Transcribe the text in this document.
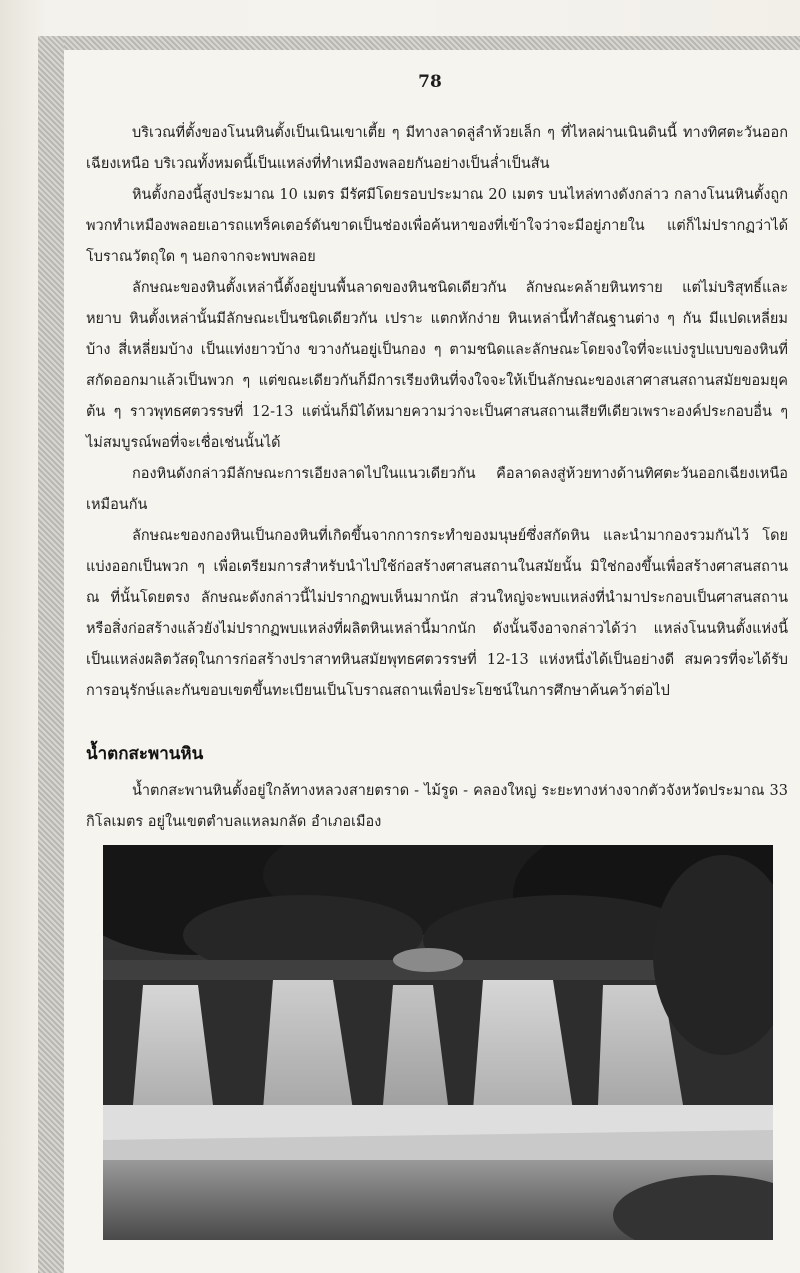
78

บริเวณที่ตั้งของโนนหินตั้งเป็นเนินเขาเตี้ย ๆ มีทางลาดลู่ลำห้วยเล็ก ๆ ที่ไหลผ่านเนินดินนี้ ทางทิศตะวันออกเฉียงเหนือ บริเวณทั้งหมดนี้เป็นแหล่งที่ทำเหมืองพลอยกันอย่างเป็นล่ำเป็นสัน

หินตั้งกองนี้สูงประมาณ 10 เมตร มีรัศมีโดยรอบประมาณ 20 เมตร บนไหล่ทางดังกล่าว กลางโนนหินตั้งถูกพวกทำเหมืองพลอยเอารถแทร็คเตอร์ดันขาดเป็นช่องเพื่อค้นหาของที่เข้าใจว่าจะมีอยู่ภายใน แต่ก็ไม่ปรากฏว่าได้โบราณวัตถุใด ๆ นอกจากจะพบพลอย

ลักษณะของหินตั้งเหล่านี้ตั้งอยู่บนพื้นลาดของหินชนิดเดียวกัน ลักษณะคล้ายหินทราย แต่ไม่บริสุทธิ์และหยาบ หินตั้งเหล่านั้นมีลักษณะเป็นชนิดเดียวกัน เปราะ แตกหักง่าย หินเหล่านี้ทำสัณฐานต่าง ๆ กัน มีแปดเหลี่ยมบ้าง สี่เหลี่ยมบ้าง เป็นแท่งยาวบ้าง ขวางกันอยู่เป็นกอง ๆ ตามชนิดและลักษณะโดยจงใจที่จะแบ่งรูปแบบของหินที่สกัดออกมาแล้วเป็นพวก ๆ แต่ขณะเดียวกันก็มีการเรียงหินที่จงใจจะให้เป็นลักษณะของเสาศาสนสถานสมัยขอมยุคต้น ๆ ราวพุทธศตวรรษที่ 12-13 แต่นั่นก็มิได้หมายความว่าจะเป็นศาสนสถานเสียทีเดียวเพราะองค์ประกอบอื่น ๆ ไม่สมบูรณ์พอที่จะเชื่อเช่นนั้นได้

กองหินดังกล่าวมีลักษณะการเอียงลาดไปในแนวเดียวกัน คือลาดลงสู่ห้วยทางด้านทิศตะวันออกเฉียงเหนือเหมือนกัน

ลักษณะของกองหินเป็นกองหินที่เกิดขึ้นจากการกระทำของมนุษย์ซึ่งสกัดหิน และนำมากองรวมกันไว้ โดยแบ่งออกเป็นพวก ๆ เพื่อเตรียมการสำหรับนำไปใช้ก่อสร้างศาสนสถานในสมัยนั้น มิใช่กองขึ้นเพื่อสร้างศาสนสถาน ณ ที่นั้นโดยตรง ลักษณะดังกล่าวนี้ไม่ปรากฏพบเห็นมากนัก ส่วนใหญ่จะพบแหล่งที่นำมาประกอบเป็นศาสนสถานหรือสิ่งก่อสร้างแล้วยังไม่ปรากฏพบแหล่งที่ผลิตหินเหล่านี้มากนัก ดังนั้นจึงอาจกล่าวได้ว่า แหล่งโนนหินตั้งแห่งนี้ เป็นแหล่งผลิตวัสดุในการก่อสร้างปราสาทหินสมัยพุทธศตวรรษที่ 12-13 แห่งหนึ่งได้เป็นอย่างดี สมควรที่จะได้รับการอนุรักษ์และกันขอบเขตขึ้นทะเบียนเป็นโบราณสถานเพื่อประโยชน์ในการศึกษาค้นคว้าต่อไป

น้ำตกสะพานหิน

น้ำตกสะพานหินตั้งอยู่ใกล้ทางหลวงสายตราด - ไม้รูด - คลองใหญ่ ระยะทางห่างจากตัวจังหวัดประมาณ 33 กิโลเมตร อยู่ในเขตตำบลแหลมกลัด อำเภอเมือง
